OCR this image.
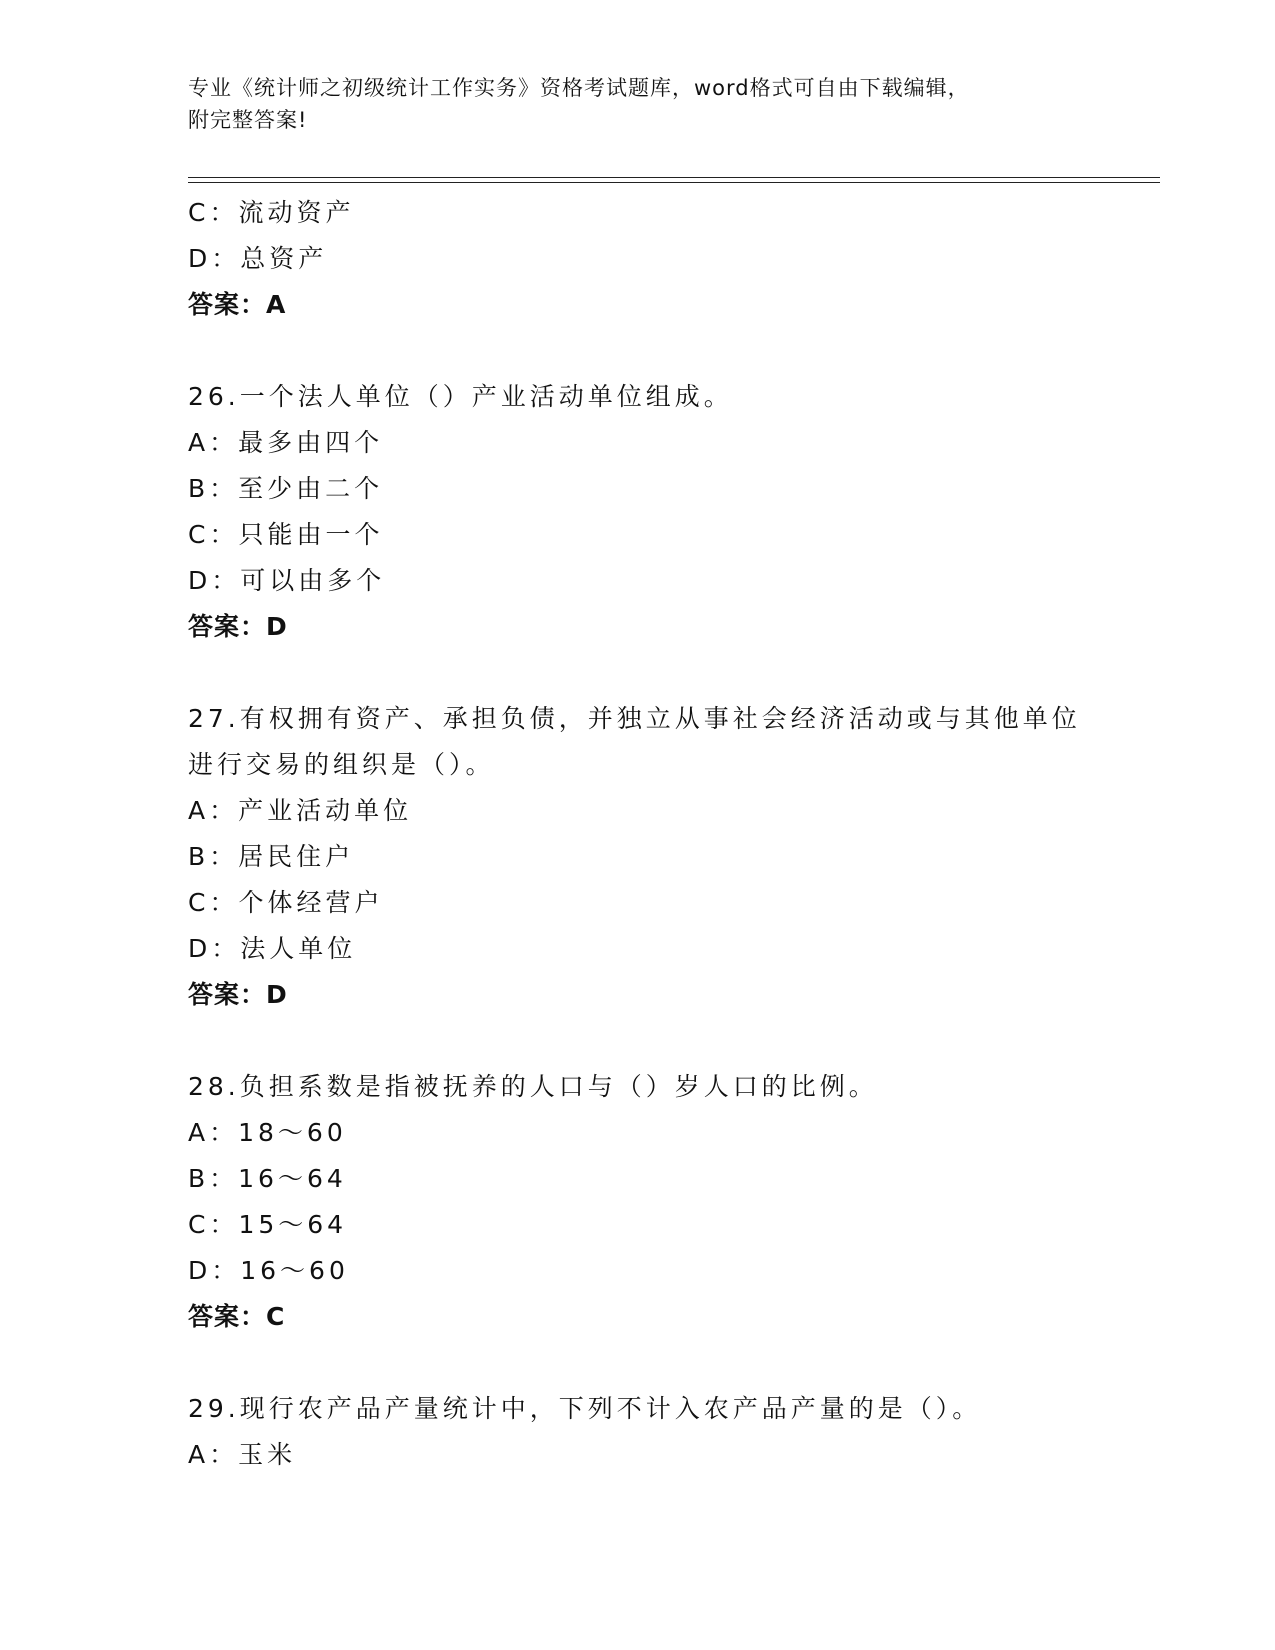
专业《统计师之初级统计工作实务》资格考试题库，word格式可自由下载编辑，
附完整答案!
C：流动资产
D：总资产
答案：A
26.一个法人单位（）产业活动单位组成。
A：最多由四个
B：至少由二个
C：只能由一个
D：可以由多个
答案：D
27.有权拥有资产、承担负债，并独立从事社会经济活动或与其他单位
进行交易的组织是（）。
A：产业活动单位
B：居民住户
C：个体经营户
D：法人单位
答案：D
28.负担系数是指被抚养的人口与（）岁人口的比例。
A：18～60
B：16～64
C：15～64
D：16～60
答案：C
29.现行农产品产量统计中，下列不计入农产品产量的是（）。
A：玉米
